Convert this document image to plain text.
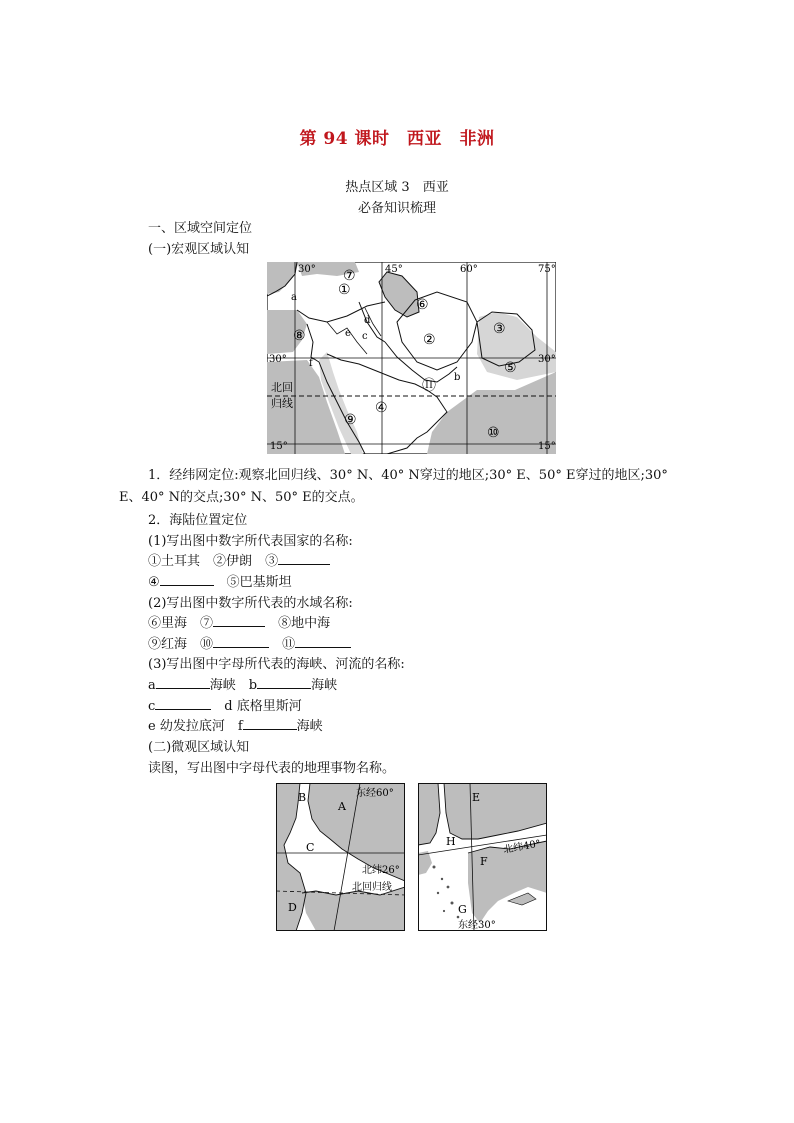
第 94 课时　西亚　非洲
热点区域 3　西亚
必备知识梳理
一、区域空间定位
(一)宏观区域认知
30°	45°	60°	75°
30°	30°
15°	15°
北回
归线
①
②
③
④
⑤
⑥
⑦
⑧
⑨
⑩
⑪
a
b
c
d
e
f
1．经纬网定位:观察北回归线、30° N、40° N穿过的地区;30° E、50° E穿过的地区;30° E、40° N的交点;30° N、50° E的交点。
2．海陆位置定位
(1)写出图中数字所代表国家的名称:
①土耳其　 ②伊朗　 ③
④　	⑤巴基斯坦
(2)写出图中数字所代表的水域名称:
⑥里海　 ⑦　	⑧地中海
⑨红海　 ⑩　	⑪
(3)写出图中字母所代表的海峡、河流的名称:
a	海峡　 b	海峡
c　	d 底格里斯河
e 幼发拉底河　 f	海峡
(二)微观区域认知
读图，写出图中字母代表的地理事物名称。
A
B
C
D
东经60°
北纬26°
北回归线
E
F
G
H	北纬40°
东经30°
